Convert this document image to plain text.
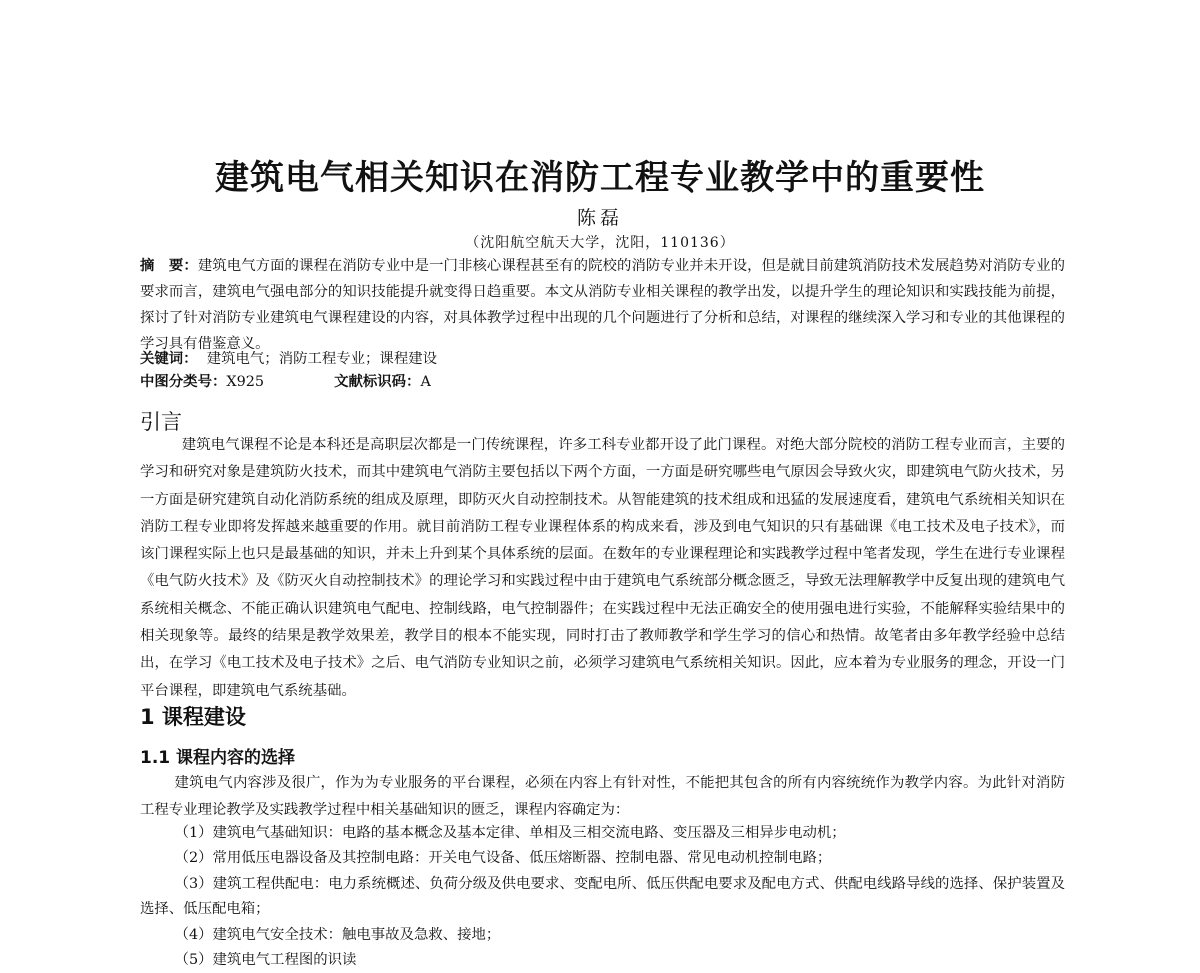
建筑电气相关知识在消防工程专业教学中的重要性
陈磊
（沈阳航空航天大学，沈阳，110136）
摘　要：建筑电气方面的课程在消防专业中是一门非核心课程甚至有的院校的消防专业并未开设，但是就目前建筑消防技术发展趋势对消防专业的要求而言，建筑电气强电部分的知识技能提升就变得日趋重要。本文从消防专业相关课程的教学出发，以提升学生的理论知识和实践技能为前提，探讨了针对消防专业建筑电气课程建设的内容，对具体教学过程中出现的几个问题进行了分析和总结，对课程的继续深入学习和专业的其他课程的学习具有借鉴意义。
关键词： 建筑电气；消防工程专业；课程建设
中图分类号：X925	文献标识码：A
引言
建筑电气课程不论是本科还是高职层次都是一门传统课程，许多工科专业都开设了此门课程。对绝大部分院校的消防工程专业而言，主要的学习和研究对象是建筑防火技术，而其中建筑电气消防主要包括以下两个方面，一方面是研究哪些电气原因会导致火灾，即建筑电气防火技术，另一方面是研究建筑自动化消防系统的组成及原理，即防灭火自动控制技术。从智能建筑的技术组成和迅猛的发展速度看，建筑电气系统相关知识在消防工程专业即将发挥越来越重要的作用。就目前消防工程专业课程体系的构成来看，涉及到电气知识的只有基础课《电工技术及电子技术》，而该门课程实际上也只是最基础的知识，并未上升到某个具体系统的层面。在数年的专业课程理论和实践教学过程中笔者发现，学生在进行专业课程《电气防火技术》及《防灭火自动控制技术》的理论学习和实践过程中由于建筑电气系统部分概念匮乏，导致无法理解教学中反复出现的建筑电气系统相关概念、不能正确认识建筑电气配电、控制线路，电气控制器件；在实践过程中无法正确安全的使用强电进行实验，不能解释实验结果中的相关现象等。最终的结果是教学效果差，教学目的根本不能实现，同时打击了教师教学和学生学习的信心和热情。故笔者由多年教学经验中总结出，在学习《电工技术及电子技术》之后、电气消防专业知识之前，必须学习建筑电气系统相关知识。因此，应本着为专业服务的理念，开设一门平台课程，即建筑电气系统基础。
1 课程建设
1.1 课程内容的选择
建筑电气内容涉及很广，作为为专业服务的平台课程，必须在内容上有针对性，不能把其包含的所有内容统统作为教学内容。为此针对消防工程专业理论教学及实践教学过程中相关基础知识的匮乏，课程内容确定为：
（1）建筑电气基础知识：电路的基本概念及基本定律、单相及三相交流电路、变压器及三相异步电动机；
（2）常用低压电器设备及其控制电路：开关电气设备、低压熔断器、控制电器、常见电动机控制电路；
（3）建筑工程供配电：电力系统概述、负荷分级及供电要求、变配电所、低压供配电要求及配电方式、供配电线路导线的选择、保护装置及选择、低压配电箱；
（4）建筑电气安全技术：触电事故及急救、接地；
（5）建筑电气工程图的识读
